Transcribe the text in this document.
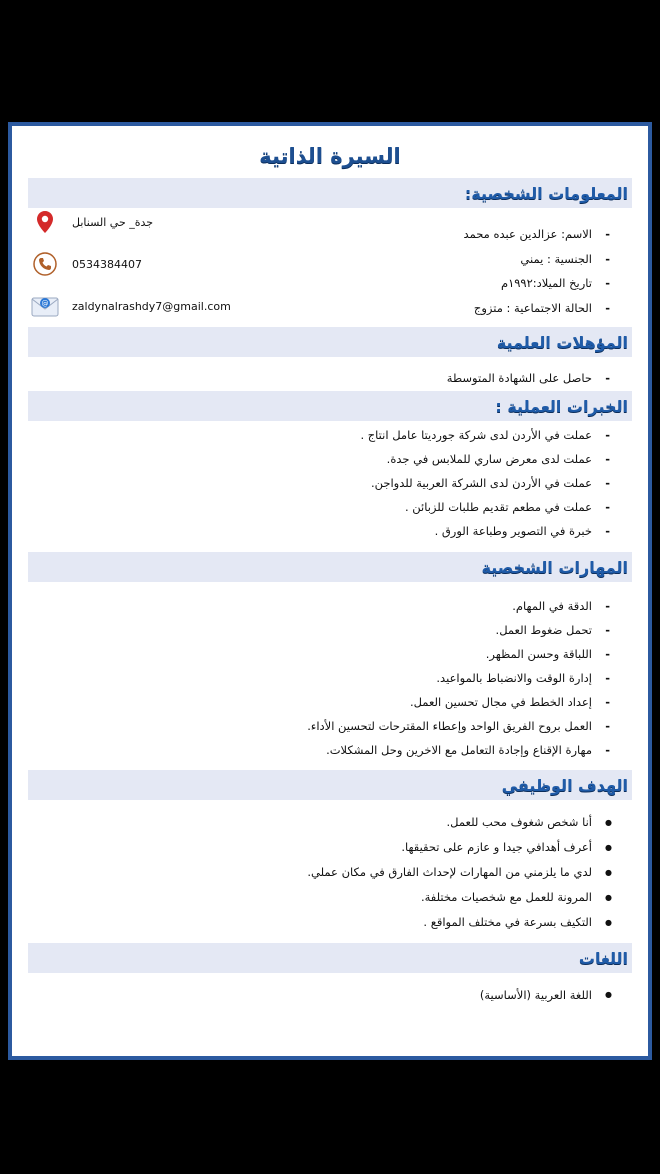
السيرة الذاتية
المعلومات الشخصية:
- الاسم: عزالدين عبده محمد
- الجنسية : يمني
- تاريخ الميلاد:١٩٩٢م
- الحالة الاجتماعية : متزوج
جدة_ حي السنابل
0534384407
@ zaldynalrashdy7@gmail.com
المؤهلات العلمية
- حاصل على الشهادة المتوسطة
الخبرات العملية :
- عملت في الأردن لدى شركة جورديتا عامل انتاج .
- عملت لدى معرض ساري للملابس في جدة.
- عملت في الأردن لدى الشركة العربية للدواجن.
- عملت في مطعم تقديم طلبات للزبائن .
- خبرة في التصوير وطباعة الورق .
المهارات الشخصية
- الدقة في المهام.
- تحمل ضغوط العمل.
- اللباقة وحسن المظهر.
- إدارة الوقت والانضباط بالمواعيد.
- إعداد الخطط في مجال تحسين العمل.
- العمل بروح الفريق الواحد وإعطاء المقترحات لتحسين الأداء.
- مهارة الإقناع وإجادة التعامل مع الاخرين وحل المشكلات.
الهدف الوظيفي
● أنا شخص شغوف محب للعمل.
● أعرف أهدافي جيدا و عازم على تحقيقها.
● لدي ما يلزمني من المهارات لإحداث الفارق في مكان عملي.
● المرونة للعمل مع شخصيات مختلفة.
● التكيف بسرعة في مختلف المواقع .
اللغات
● اللغة العربية (الأساسية)
